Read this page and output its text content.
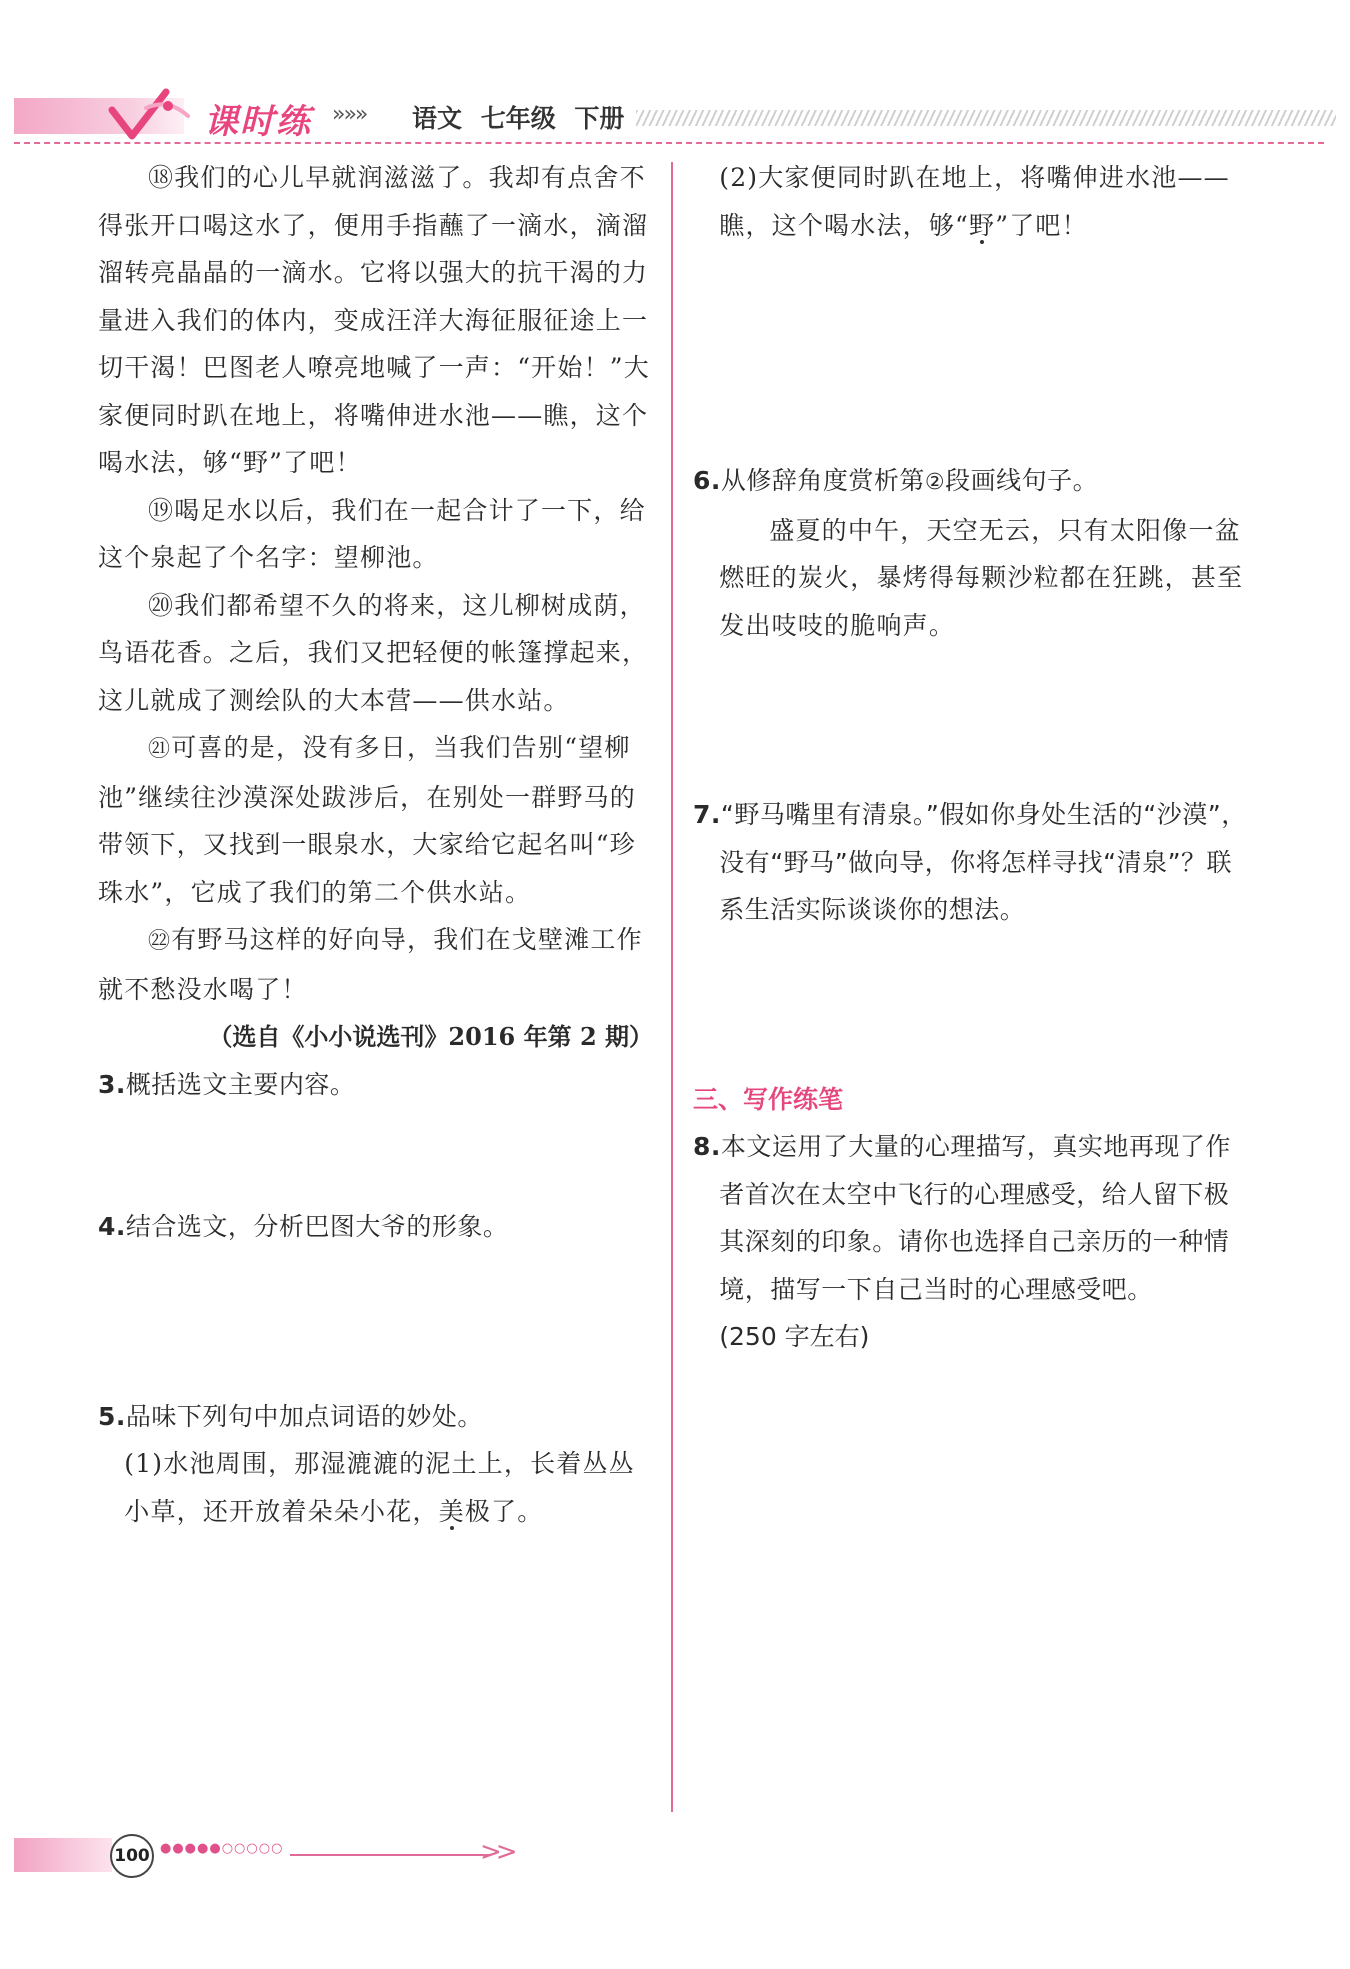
课时练 »»» 语文 七年级 下册

⑱我们的心儿早就润滋滋了。我却有点舍不得张开口喝这水了，便用手指蘸了一滴水，滴溜溜转亮晶晶的一滴水。它将以强大的抗干渴的力量进入我们的体内，变成汪洋大海征服征途上一切干渴！巴图老人嘹亮地喊了一声：“开始！”大家便同时趴在地上，将嘴伸进水池——瞧，这个喝水法，够“野”了吧！

⑲喝足水以后，我们在一起合计了一下，给这个泉起了个名字：望柳池。

⑳我们都希望不久的将来，这儿柳树成荫，鸟语花香。之后，我们又把轻便的帐篷撑起来，这儿就成了测绘队的大本营——供水站。

㉑可喜的是，没有多日，当我们告别“望柳池”继续往沙漠深处跋涉后，在别处一群野马的带领下，又找到一眼泉水，大家给它起名叫“珍珠水”，它成了我们的第二个供水站。

㉒有野马这样的好向导，我们在戈壁滩工作就不愁没水喝了！

（选自《小小说选刊》2016 年第 2 期）

3.概括选文主要内容。

4.结合选文，分析巴图大爷的形象。

5.品味下列句中加点词语的妙处。

(1)水池周围，那湿漉漉的泥土上，长着丛丛小草，还开放着朵朵小花，美极了。

(2)大家便同时趴在地上，将嘴伸进水池——瞧，这个喝水法，够“野”了吧！

6.从修辞角度赏析第②段画线句子。

盛夏的中午，天空无云，只有太阳像一盆燃旺的炭火，暴烤得每颗沙粒都在狂跳，甚至发出吱吱的脆响声。

7.“野马嘴里有清泉。”假如你身处生活的“沙漠”，没有“野马”做向导，你将怎样寻找“清泉”？联系生活实际谈谈你的想法。

三、写作练笔

8.本文运用了大量的心理描写，真实地再现了作者首次在太空中飞行的心理感受，给人留下极其深刻的印象。请你也选择自己亲历的一种情境，描写一下自己当时的心理感受吧。

(250 字左右)

100 ●●●●●○○○○○	>>
